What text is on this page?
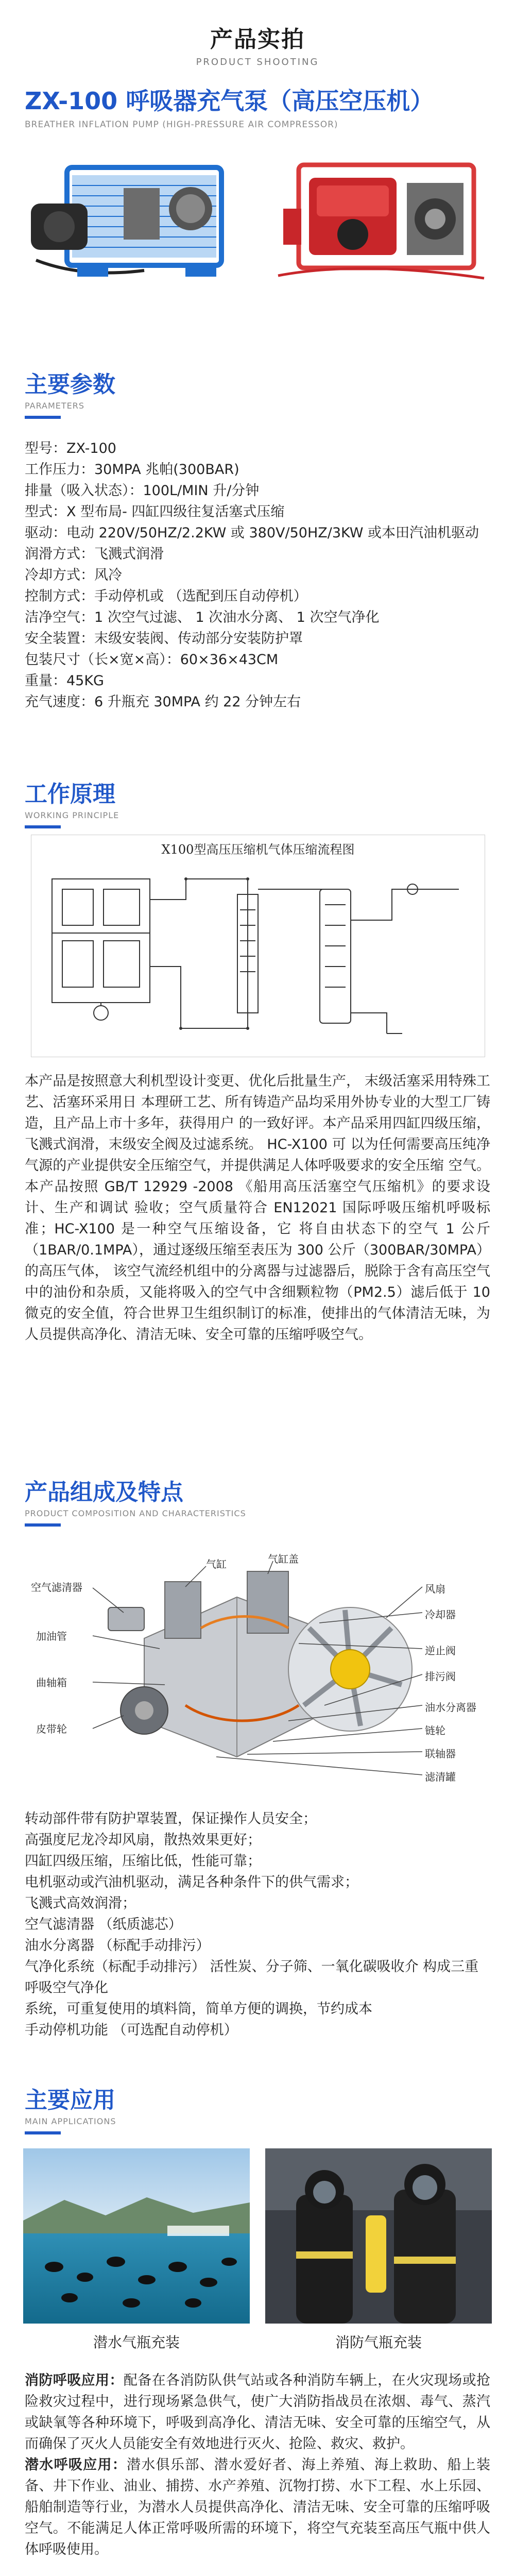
产品实拍
PRODUCT SHOOTING
ZX-100 呼吸器充气泵（高压空压机）
BREATHER INFLATION PUMP (HIGH-PRESSURE AIR COMPRESSOR)
主要参数
PARAMETERS

型号：ZX-100

工作压力：30MPA 兆帕(300BAR)

排量（吸入状态）：100L/MIN 升/分钟

型式：X 型布局- 四缸四级往复活塞式压缩

驱动：电动 220V/50HZ/2.2KW 或 380V/50HZ/3KW 或本田汽油机驱动

润滑方式：飞溅式润滑

冷却方式：风冷

控制方式：手动停机或 （选配到压自动停机）

洁净空气：1 次空气过滤、 1 次油水分离、 1 次空气净化

安全装置：末级安装阀、传动部分安装防护罩

包装尺寸（长×宽×高）：60×36×43CM

重量：45KG

充气速度：6 升瓶充 30MPA 约 22 分钟左右

工作原理
WORKING PRINCIPLE
X100型高压压缩机气体压缩流程图

本产品是按照意大利机型设计变更、优化后批量生产， 末级活塞采用特殊工艺、活塞环采用日 本理研工艺、所有铸造产品均采用外协专业的大型工厂铸造，且产品上市十多年，获得用户 的一致好评。本产品采用四缸四级压缩，飞溅式润滑，末级安全阀及过滤系统。 HC-X100 可 以为任何需要高压纯净气源的产业提供安全压缩空气，并提供满足人体呼吸要求的安全压缩 空气。 本产品按照 GB/T 12929 -2008 《船用高压活塞空气压缩机》的要求设计、生产和调试 验收；空气质量符合 EN12021 国际呼吸压缩机呼吸标准；HC-X100 是一种空气压缩设备，它 将自由状态下的空气 1 公斤（1BAR/0.1MPA），通过逐级压缩至表压为 300 公斤（300BAR/30MPA）的高压气体， 该空气流经机组中的分离器与过滤器后，脱除于含有高压空气中的油份和杂质，又能将吸入的空气中含细颗粒物（PM2.5）滤后低于 10 微克的安全值，符合世界卫生组织制订的标准，使排出的气体清洁无味，为人员提供高净化、清洁无味、安全可靠的压缩呼吸空气。

产品组成及特点
PRODUCT COMPOSITION AND CHARACTERISTICS
空气滤清器
加油管
曲轴箱
皮带轮
气缸	气缸盖
风扇
冷却器
逆止阀
排污阀
油水分离器
链轮
联轴器
滤清罐

转动部件带有防护罩装置，保证操作人员安全；

高强度尼龙冷却风扇，散热效果更好；

四缸四级压缩，压缩比低，性能可靠；

电机驱动或汽油机驱动，满足各种条件下的供气需求；

飞溅式高效润滑；

空气滤清器 （纸质滤芯）

油水分离器 （标配手动排污）

气净化系统（标配手动排污） 活性炭、分子筛、一氧化碳吸收介 构成三重呼吸空气净化

系统，可重复使用的填料筒，简单方便的调换，节约成本

手动停机功能 （可选配自动停机）

主要应用
MAIN APPLICATIONS
潜水气瓶充装	消防气瓶充装

消防呼吸应用：配备在各消防队供气站或各种消防车辆上，在火灾现场或抢险救灾过程中，进行现场紧急供气，使广大消防指战员在浓烟、毒气、蒸汽或缺氧等各种环境下，呼吸到高净化、清洁无味、安全可靠的压缩空气，从而确保了灭火人员能安全有效地进行灭火、抢险、救灾、救护。

潜水呼吸应用：潜水俱乐部、潜水爱好者、海上养殖、海上救助、船上装备、井下作业、油业、捕捞、水产养殖、沉物打捞、水下工程、水上乐园、船舶制造等行业，为潜水人员提供高净化、清洁无味、安全可靠的压缩呼吸空气。不能满足人体正常呼吸所需的环境下，将空气充装至高压气瓶中供人体呼吸使用。
